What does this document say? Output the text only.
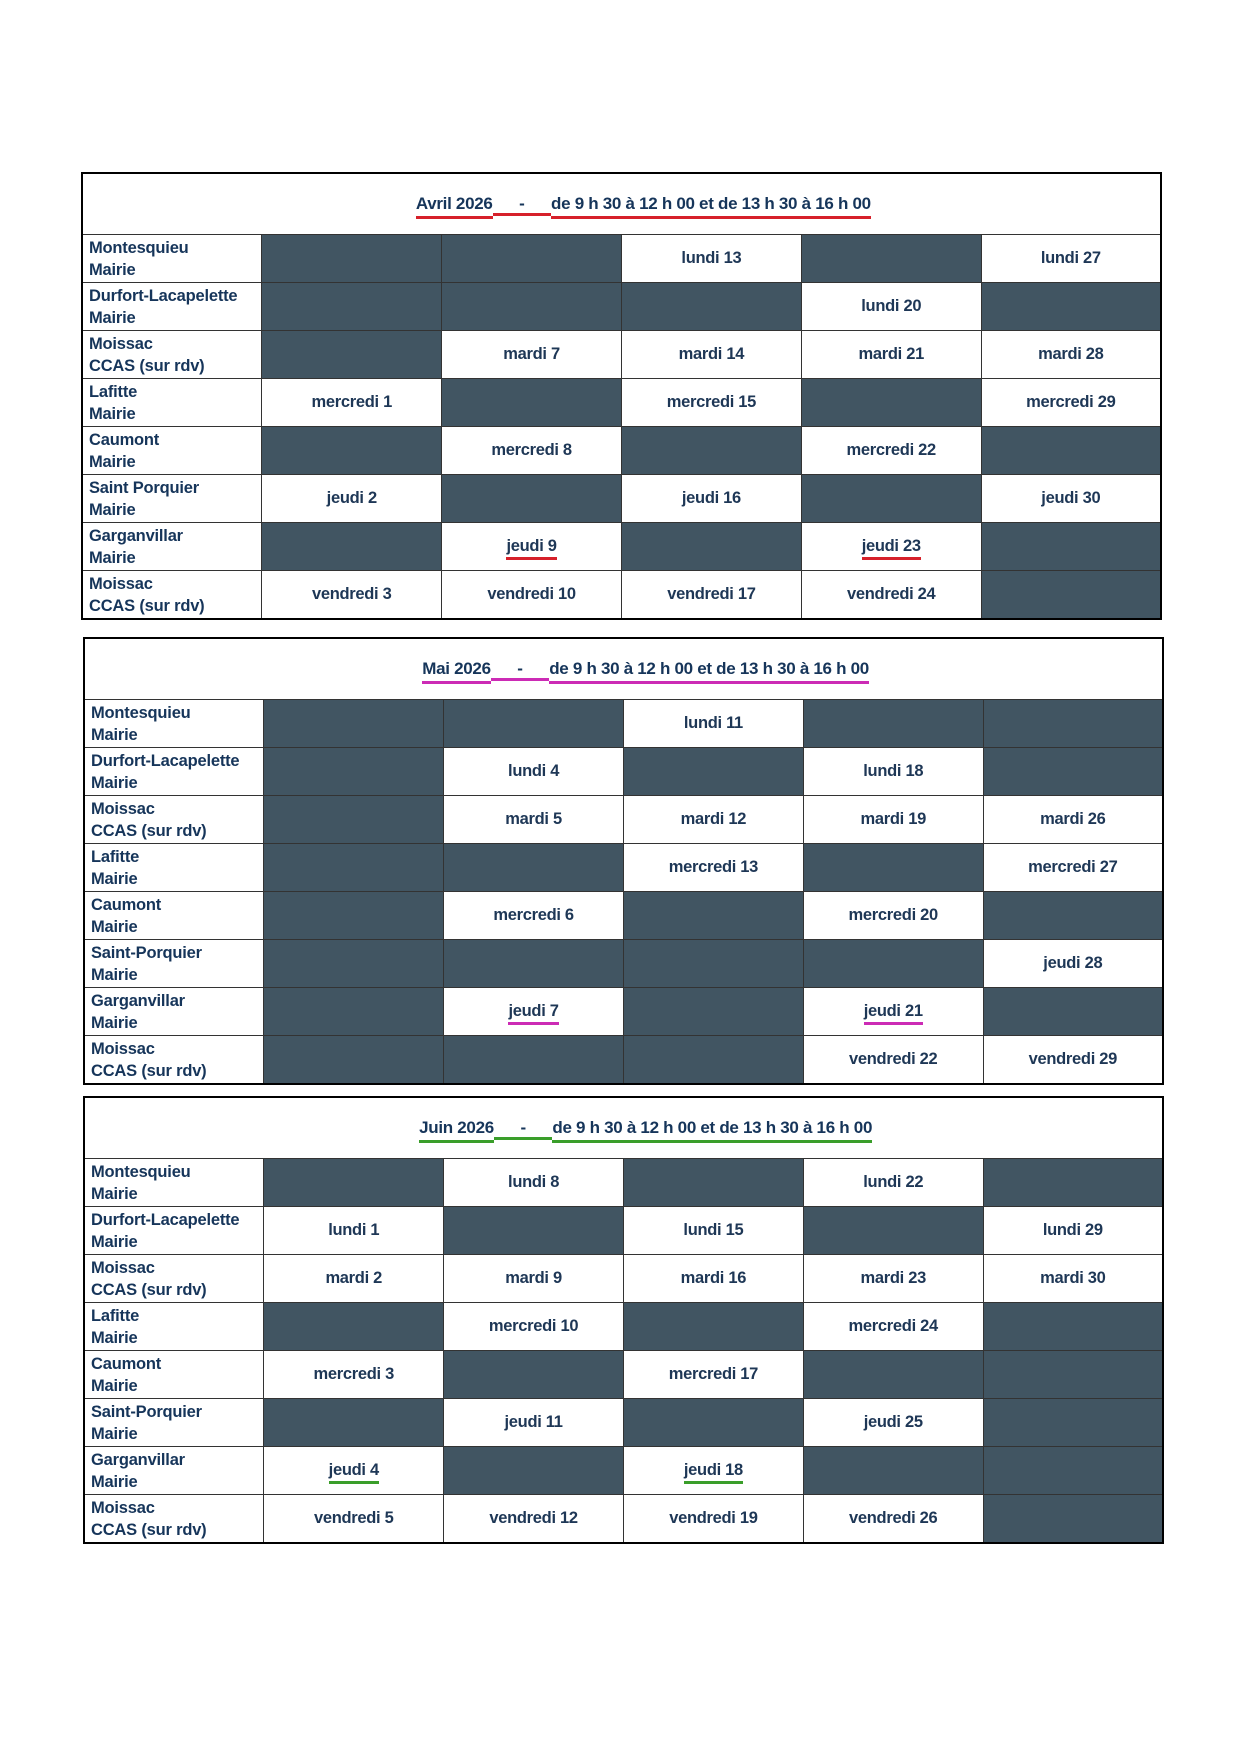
Avril 2026 - de 9 h 30 à 12 h 00 et de 13 h 30 à 16 h 00					

Montesquieu
Mairie			lundi 13		lundi 27

Durfort-Lacapelette
Mairie				lundi 20	

Moissac
CCAS (sur rdv)		mardi 7	mardi 14	mardi 21	mardi 28

Lafitte
Mairie	mercredi 1		mercredi 15		mercredi 29

Caumont
Mairie		mercredi 8		mercredi 22	

Saint Porquier
Mairie	jeudi 2		jeudi 16		jeudi 30

Garganvillar
Mairie		jeudi 9		jeudi 23	

Moissac
CCAS (sur rdv)	vendredi 3	vendredi 10	vendredi 17	vendredi 24	

Mai 2026 - de 9 h 30 à 12 h 00 et de 13 h 30 à 16 h 00					

Montesquieu
Mairie			lundi 11		

Durfort-Lacapelette
Mairie		lundi 4		lundi 18	

Moissac
CCAS (sur rdv)		mardi 5	mardi 12	mardi 19	mardi 26

Lafitte
Mairie			mercredi 13		mercredi 27

Caumont
Mairie		mercredi 6		mercredi 20	

Saint-Porquier
Mairie					jeudi 28

Garganvillar
Mairie		jeudi 7		jeudi 21	

Moissac
CCAS (sur rdv)				vendredi 22	vendredi 29

Juin 2026 - de 9 h 30 à 12 h 00 et de 13 h 30 à 16 h 00					

Montesquieu
Mairie		lundi 8		lundi 22	

Durfort-Lacapelette
Mairie	lundi 1		lundi 15		lundi 29

Moissac
CCAS (sur rdv)	mardi 2	mardi 9	mardi 16	mardi 23	mardi 30

Lafitte
Mairie		mercredi 10		mercredi 24	

Caumont
Mairie	mercredi 3		mercredi 17		

Saint-Porquier
Mairie		jeudi 11		jeudi 25	

Garganvillar
Mairie	jeudi 4		jeudi 18		

Moissac
CCAS (sur rdv)	vendredi 5	vendredi 12	vendredi 19	vendredi 26	
